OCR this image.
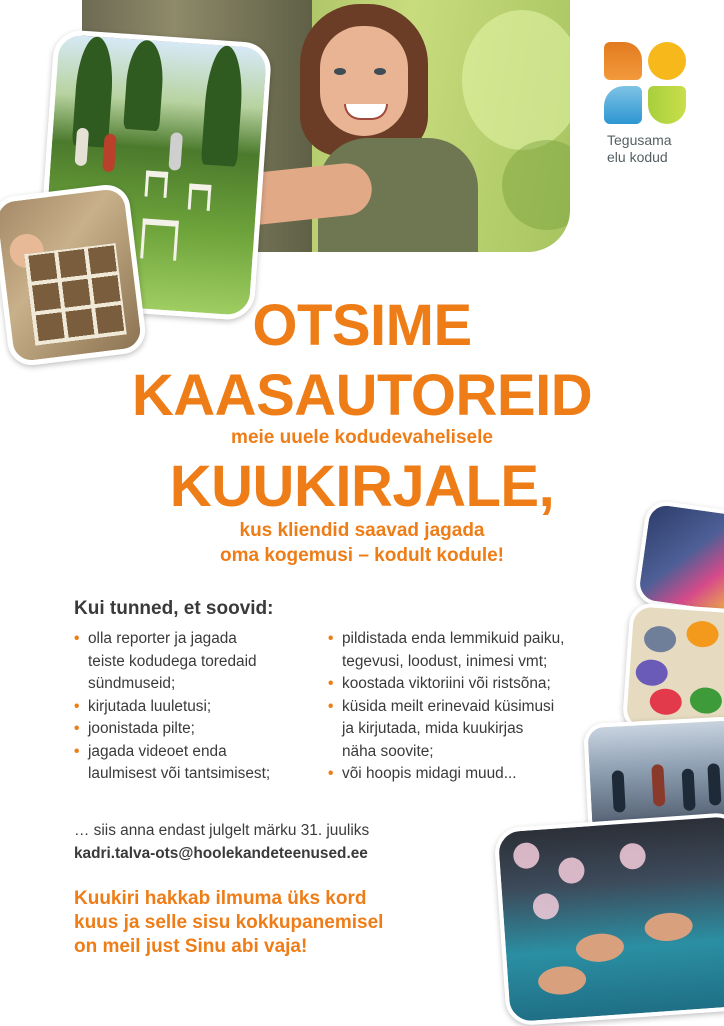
Tegusama
elu kodud
OTSIME
KAASAUTOREID
meie uuele kodudevahelisele
KUUKIRJALE,
kus kliendid saavad jagada
oma kogemusi – kodult kodule!
Kui tunned, et soovid:
• olla reporter ja jagada
teiste kodudega toredaid
sündmuseid;
• kirjutada luuletusi;
• joonistada pilte;
• jagada videoet enda
laulmisest või tantsimisest;
• pildistada enda lemmikuid paiku,
tegevusi, loodust, inimesi vmt;
• koostada viktoriini või ristsõna;
• küsida meilt erinevaid küsimusi
ja kirjutada, mida kuukirjas
näha soovite;
• või hoopis midagi muud...
… siis anna endast julgelt märku 31. juuliks
kadri.talva-ots@hoolekandeteenused.ee
Kuukiri hakkab ilmuma üks kord
kuus ja selle sisu kokkupanemisel
on meil just Sinu abi vaja!
